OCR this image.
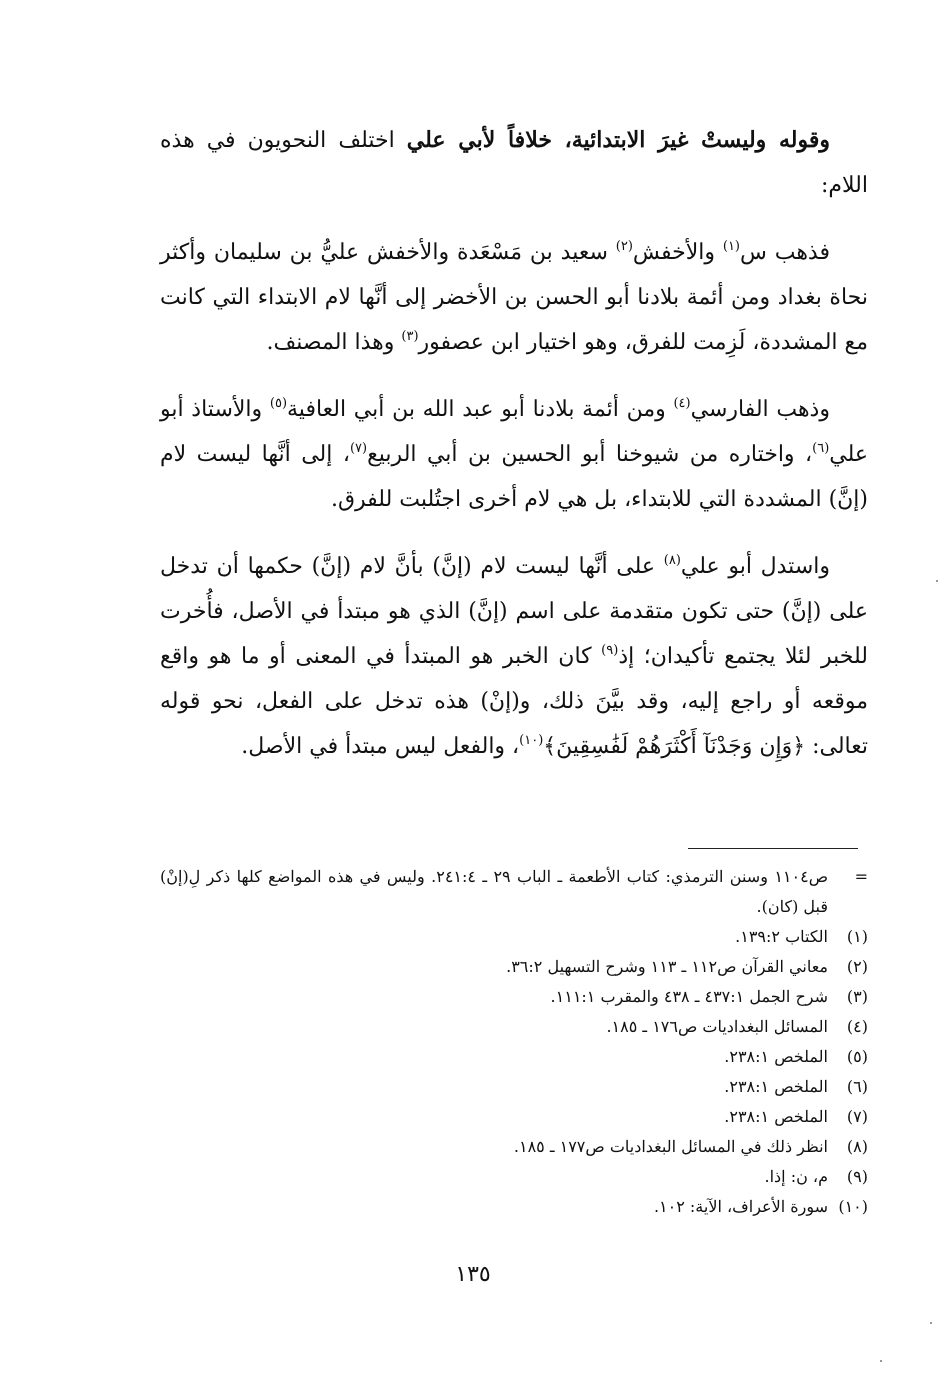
وقوله وليستْ غيرَ الابتدائية، خلافاً لأبي علي اختلف النحويون في هذه اللام:

فذهب س$^{(١)}$ والأخفش$^{(٢)}$ سعيد بن مَسْعَدة والأخفش عليُّ بن سليمان وأكثر نحاة بغداد ومن أئمة بلادنا أبو الحسن بن الأخضر إلى أنَّها لام الابتداء التي كانت مع المشددة، لَزِمت للفرق، وهو اختيار ابن عصفور$^{(٣)}$ وهذا المصنف.

وذهب الفارسي$^{(٤)}$ ومن أئمة بلادنا أبو عبد الله بن أبي العافية$^{(٥)}$ والأستاذ أبو علي$^{(٦)}$، واختاره من شيوخنا أبو الحسين بن أبي الربيع$^{(٧)}$، إلى أنَّها ليست لام (إنَّ) المشددة التي للابتداء، بل هي لام أخرى اجتُلبت للفرق.

واستدل أبو علي$^{(٨)}$ على أنَّها ليست لام (إنَّ) بأنَّ لام (إنَّ) حكمها أن تدخل على (إنَّ) حتى تكون متقدمة على اسم (إنَّ) الذي هو مبتدأ في الأصل، فأُخرت للخبر لئلا يجتمع تأكيدان؛ إذ$^{(٩)}$ كان الخبر هو المبتدأ في المعنى أو ما هو واقع موقعه أو راجع إليه، وقد بيَّنَ ذلك، و(إنْ) هذه تدخل على الفعل، نحو قوله تعالى: ﴿وَإِن وَجَدْنَآ أَكْثَرَهُمْ لَفَٰسِقِينَ﴾$^{(١٠)}$، والفعل ليس مبتدأ في الأصل.

=
ص١١٠٤ وسنن الترمذي: كتاب الأطعمة ـ الباب ٢٩ ـ ٢٤١:٤. وليس في هذه المواضع كلها ذكر لِ(إنْ) قبل (كان).
(١)
الكتاب ١٣٩:٢.
(٢)
معاني القرآن ص١١٢ ـ ١١٣ وشرح التسهيل ٣٦:٢.
(٣)
شرح الجمل ٤٣٧:١ ـ ٤٣٨ والمقرب ١١١:١.
(٤)
المسائل البغداديات ص١٧٦ ـ ١٨٥.
(٥)
الملخص ٢٣٨:١.
(٦)
الملخص ٢٣٨:١.
(٧)
الملخص ٢٣٨:١.
(٨)
انظر ذلك في المسائل البغداديات ص١٧٧ ـ ١٨٥.
(٩)
م، ن: إذا.
(١٠)
سورة الأعراف، الآية: ١٠٢.
١٣٥
